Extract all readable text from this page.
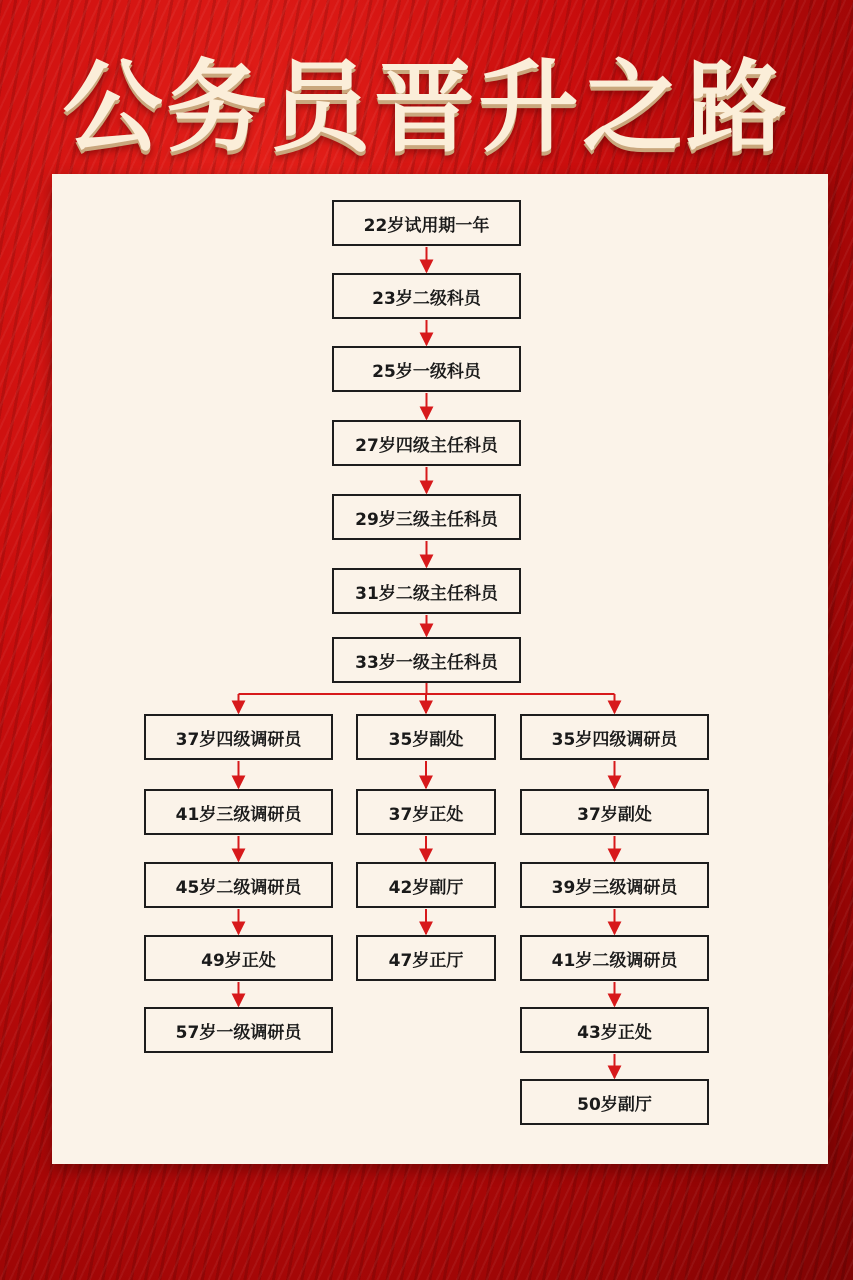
公务员晋升之路
22岁试用期一年
23岁二级科员
25岁一级科员
27岁四级主任科员
29岁三级主任科员
31岁二级主任科员
33岁一级主任科员
37岁四级调研员
41岁三级调研员
45岁二级调研员
49岁正处
57岁一级调研员
35岁副处
37岁正处
42岁副厅
47岁正厅
35岁四级调研员
37岁副处
39岁三级调研员
41岁二级调研员
43岁正处
50岁副厅
